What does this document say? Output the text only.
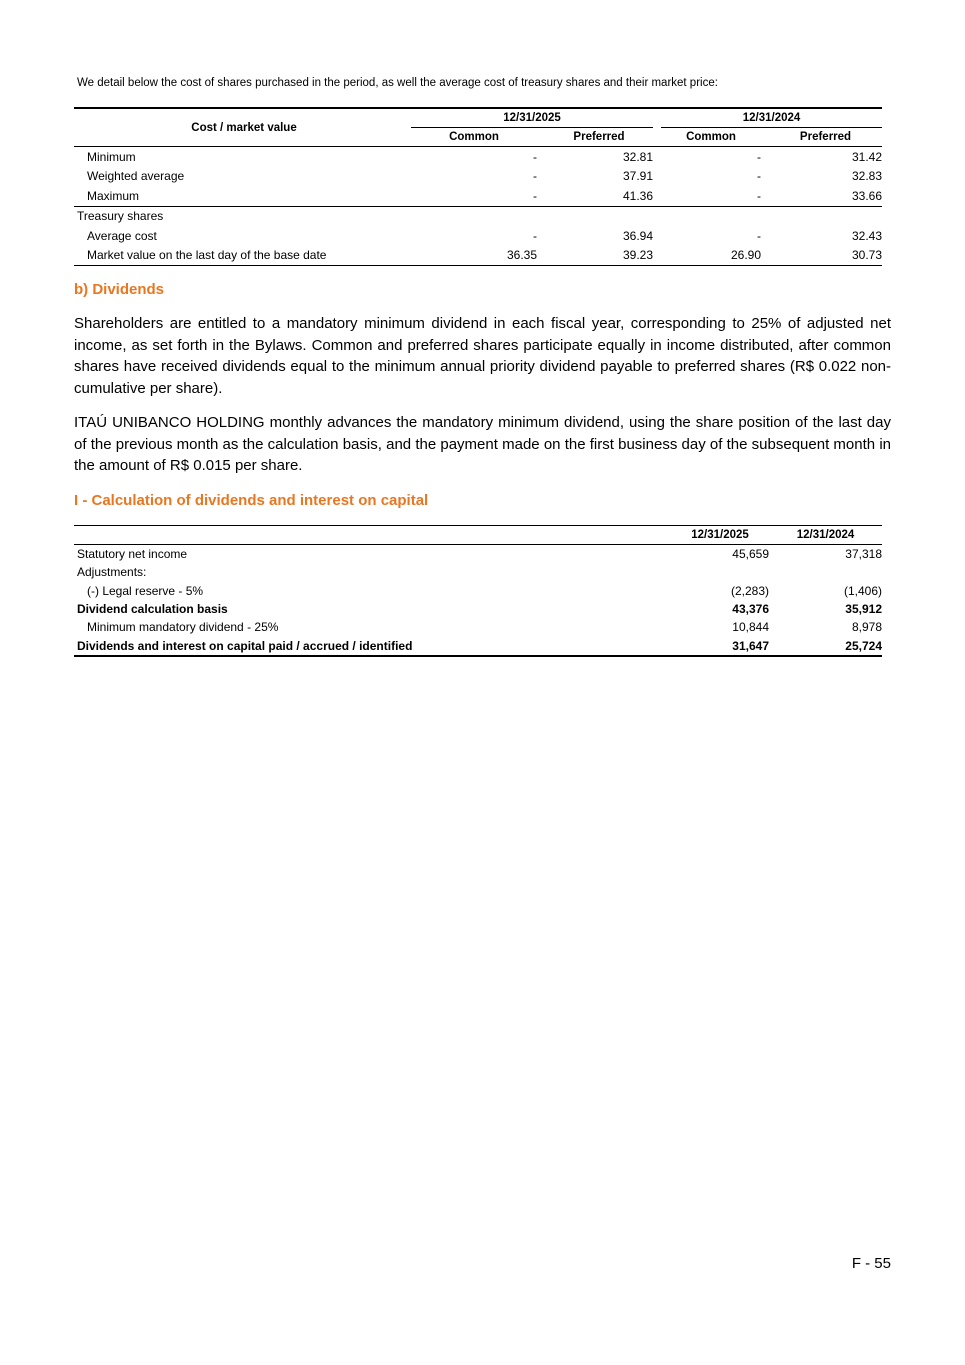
We detail below the cost of shares purchased in the period, as well the average cost of treasury shares and their market price:

Cost / market value	12/31/2025				12/31/2024		
	Common		Preferred		Common		Preferred

Minimum	-		32.81		-		31.42
Weighted average	-		37.91		-		32.83
Maximum	-		41.36		-		33.66
Treasury shares							
Average cost	-		36.94		-		32.43
Market value on the last day of the base date	36.35		39.23		26.90		30.73
b) Dividends

Shareholders are entitled to a mandatory minimum dividend in each fiscal year, corresponding to 25% of adjusted net income, as set forth in the Bylaws. Common and preferred shares participate equally in income distributed, after common shares have received dividends equal to the minimum annual priority dividend payable to preferred shares (R$ 0.022 non-cumulative per share).

ITAÚ UNIBANCO HOLDING monthly advances the mandatory minimum dividend, using the share position of the last day of the previous month as the calculation basis, and the payment made on the first business day of the subsequent month in the amount of R$ 0.015 per share.

I - Calculation of dividends and interest on capital

	12/31/2025	12/31/2024

Statutory net income	45,659	37,318
Adjustments:		
(-) Legal reserve - 5%	(2,283)	(1,406)
Dividend calculation basis	43,376	35,912
Minimum mandatory dividend - 25%	10,844	8,978
Dividends and interest on capital paid / accrued / identified	31,647	25,724
F - 55
